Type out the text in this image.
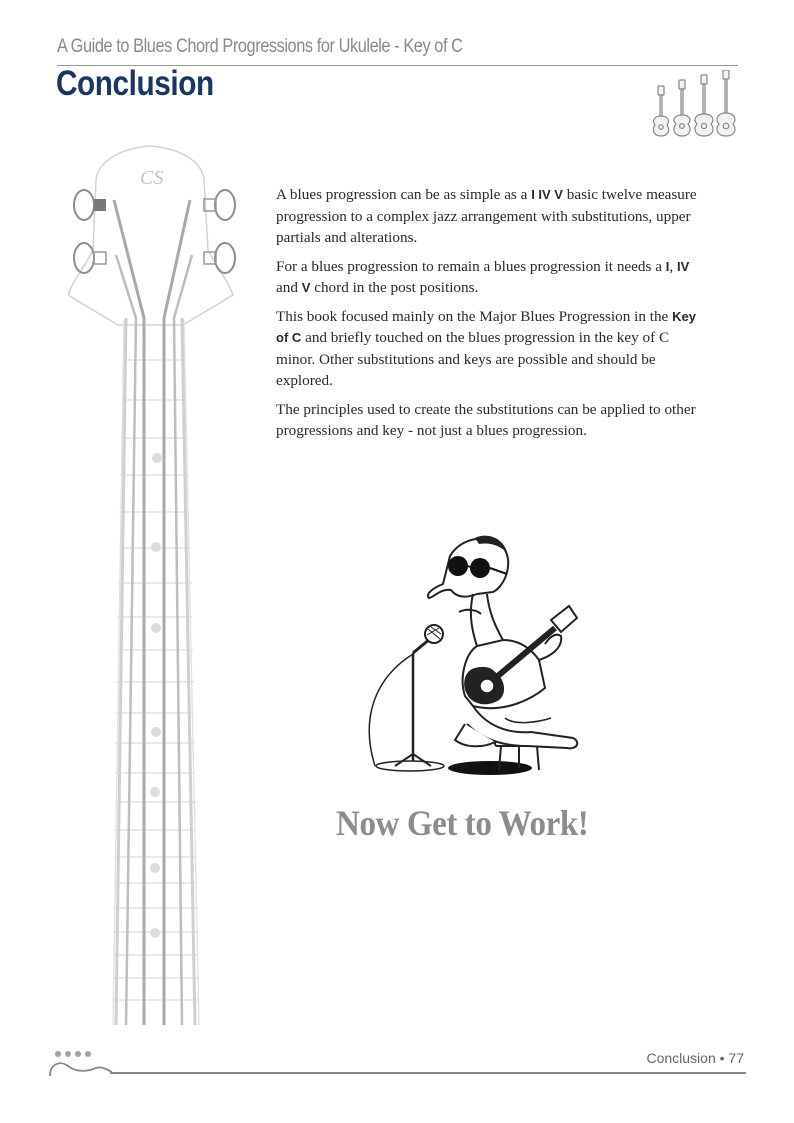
A Guide to Blues Chord Progressions for Ukulele - Key of C
Conclusion
CS

A blues progression can be as simple as a I IV V basic twelve measure progression to a complex jazz arrangement with substitutions, upper partials and alterations.

For a blues progression to remain a blues progression it needs a I, IV and V chord in the post positions.

This book focused mainly on the Major Blues Progression in the Key of C and briefly touched on the blues progression in the key of C minor. Other substitutions and keys are possible and should be explored.

The principles used to create the substitutions can be applied to other progressions and key - not just a blues progression.

Now Get to Work!
Conclusion • 77
